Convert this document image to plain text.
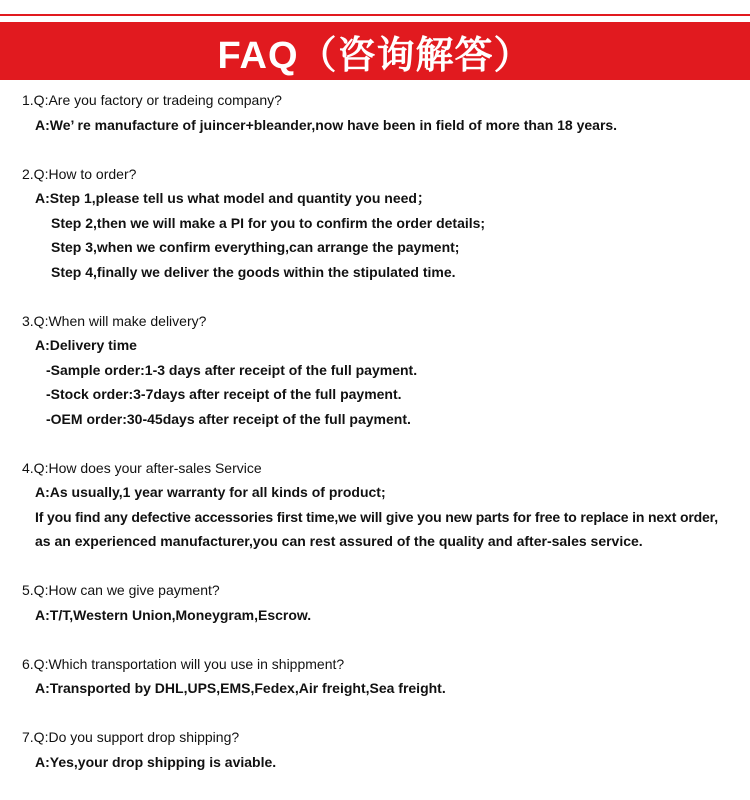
FAQ（咨询解答）
1.Q:Are you factory or tradeing company?
A:We’ re manufacture of juincer+bleander,now have been in field of more than 18 years.
2.Q:How to order?
A:Step 1,please tell us what model and quantity you need；
Step 2,then we will make a PI for you to confirm the order details;
Step 3,when we confirm everything,can arrange the payment;
Step 4,finally we deliver the goods within the stipulated time.
3.Q:When will make delivery?
A:Delivery time
-Sample order:1-3 days after receipt of the full payment.
-Stock order:3-7days after receipt of the full payment.
-OEM order:30-45days after receipt of the full payment.
4.Q:How does your after-sales Service
A:As usually,1 year warranty for all kinds of product;
If you find any defective accessories first time,we will give you new parts for free to replace in next order,
as an experienced manufacturer,you can rest assured of the quality and after-sales service.
5.Q:How can we give payment?
A:T/T,Western Union,Moneygram,Escrow.
6.Q:Which transportation will you use in shippment?
A:Transported by DHL,UPS,EMS,Fedex,Air freight,Sea freight.
7.Q:Do you support drop shipping?
A:Yes,your drop shipping is aviable.
